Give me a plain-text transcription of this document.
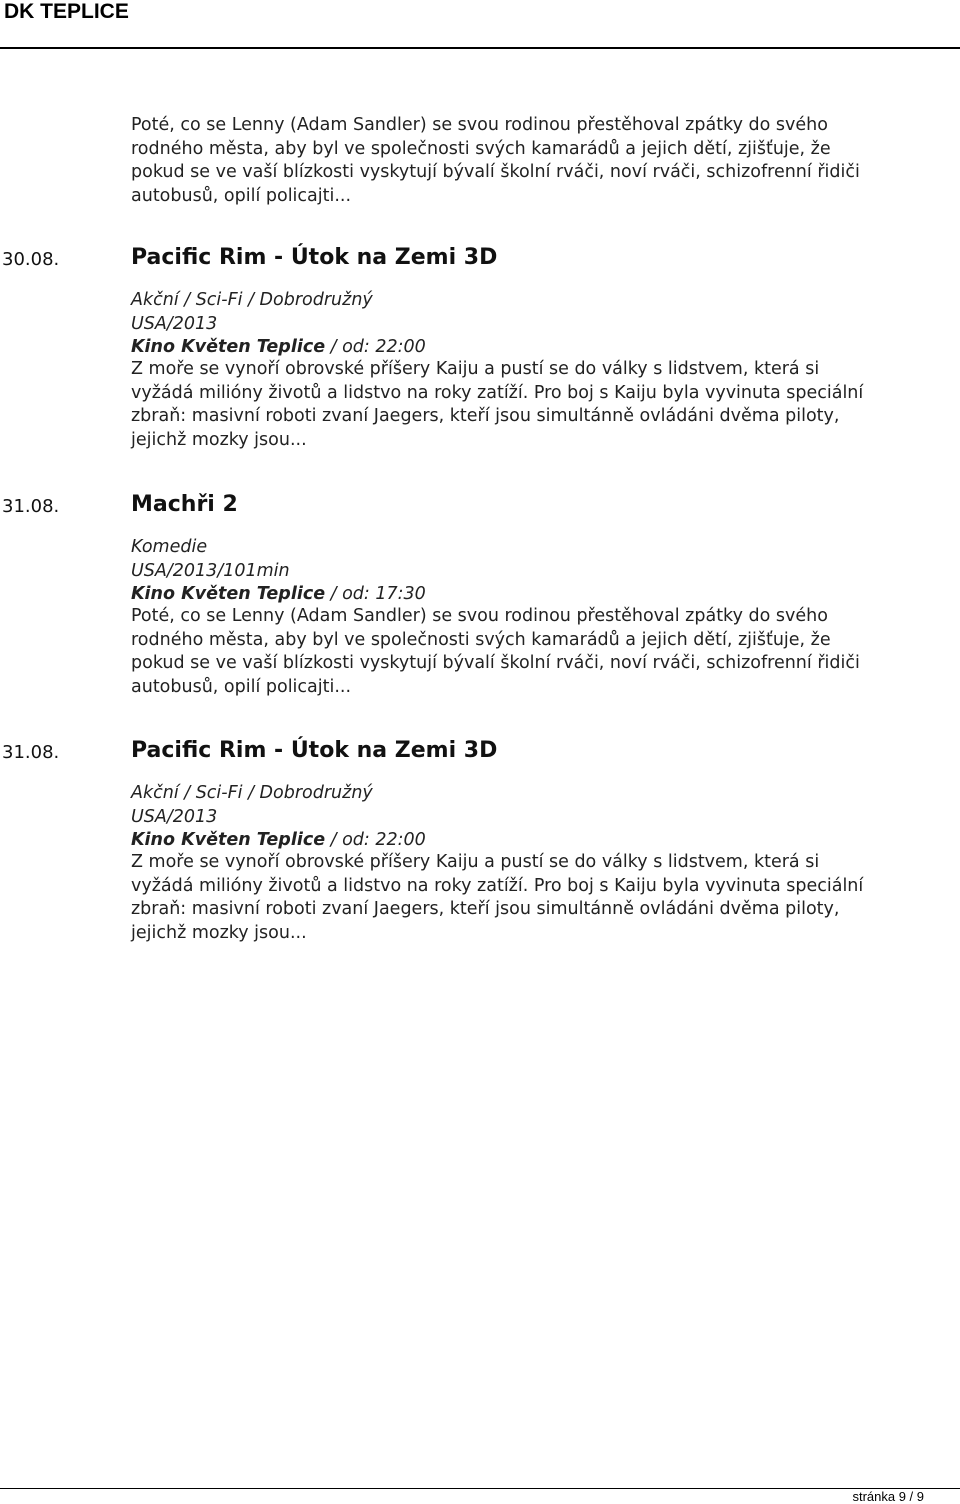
DK TEPLICE
Poté, co se Lenny (Adam Sandler) se svou rodinou přestěhoval zpátky do svého rodného města, aby byl ve společnosti svých kamarádů a jejich dětí, zjišťuje, že pokud se ve vaší blízkosti vyskytují bývalí školní rváči, noví rváči, schizofrenní řidiči autobusů, opilí policajti...
30.08.	Pacific Rim - Útok na Zemi 3D
Akční / Sci-Fi / Dobrodružný
USA/2013
Kino Květen Teplice / od: 22:00
Z moře se vynoří obrovské příšery Kaiju a pustí se do války s lidstvem, která si vyžádá milióny životů a lidstvo na roky zatíží. Pro boj s Kaiju byla vyvinuta speciální zbraň: masivní roboti zvaní Jaegers, kteří jsou simultánně ovládáni dvěma piloty, jejichž mozky jsou...
31.08.	Machři 2
Komedie
USA/2013/101min
Kino Květen Teplice / od: 17:30
Poté, co se Lenny (Adam Sandler) se svou rodinou přestěhoval zpátky do svého rodného města, aby byl ve společnosti svých kamarádů a jejich dětí, zjišťuje, že pokud se ve vaší blízkosti vyskytují bývalí školní rváči, noví rváči, schizofrenní řidiči autobusů, opilí policajti...
31.08.	Pacific Rim - Útok na Zemi 3D
Akční / Sci-Fi / Dobrodružný
USA/2013
Kino Květen Teplice / od: 22:00
Z moře se vynoří obrovské příšery Kaiju a pustí se do války s lidstvem, která si vyžádá milióny životů a lidstvo na roky zatíží. Pro boj s Kaiju byla vyvinuta speciální zbraň: masivní roboti zvaní Jaegers, kteří jsou simultánně ovládáni dvěma piloty, jejichž mozky jsou...
stránka 9 / 9
